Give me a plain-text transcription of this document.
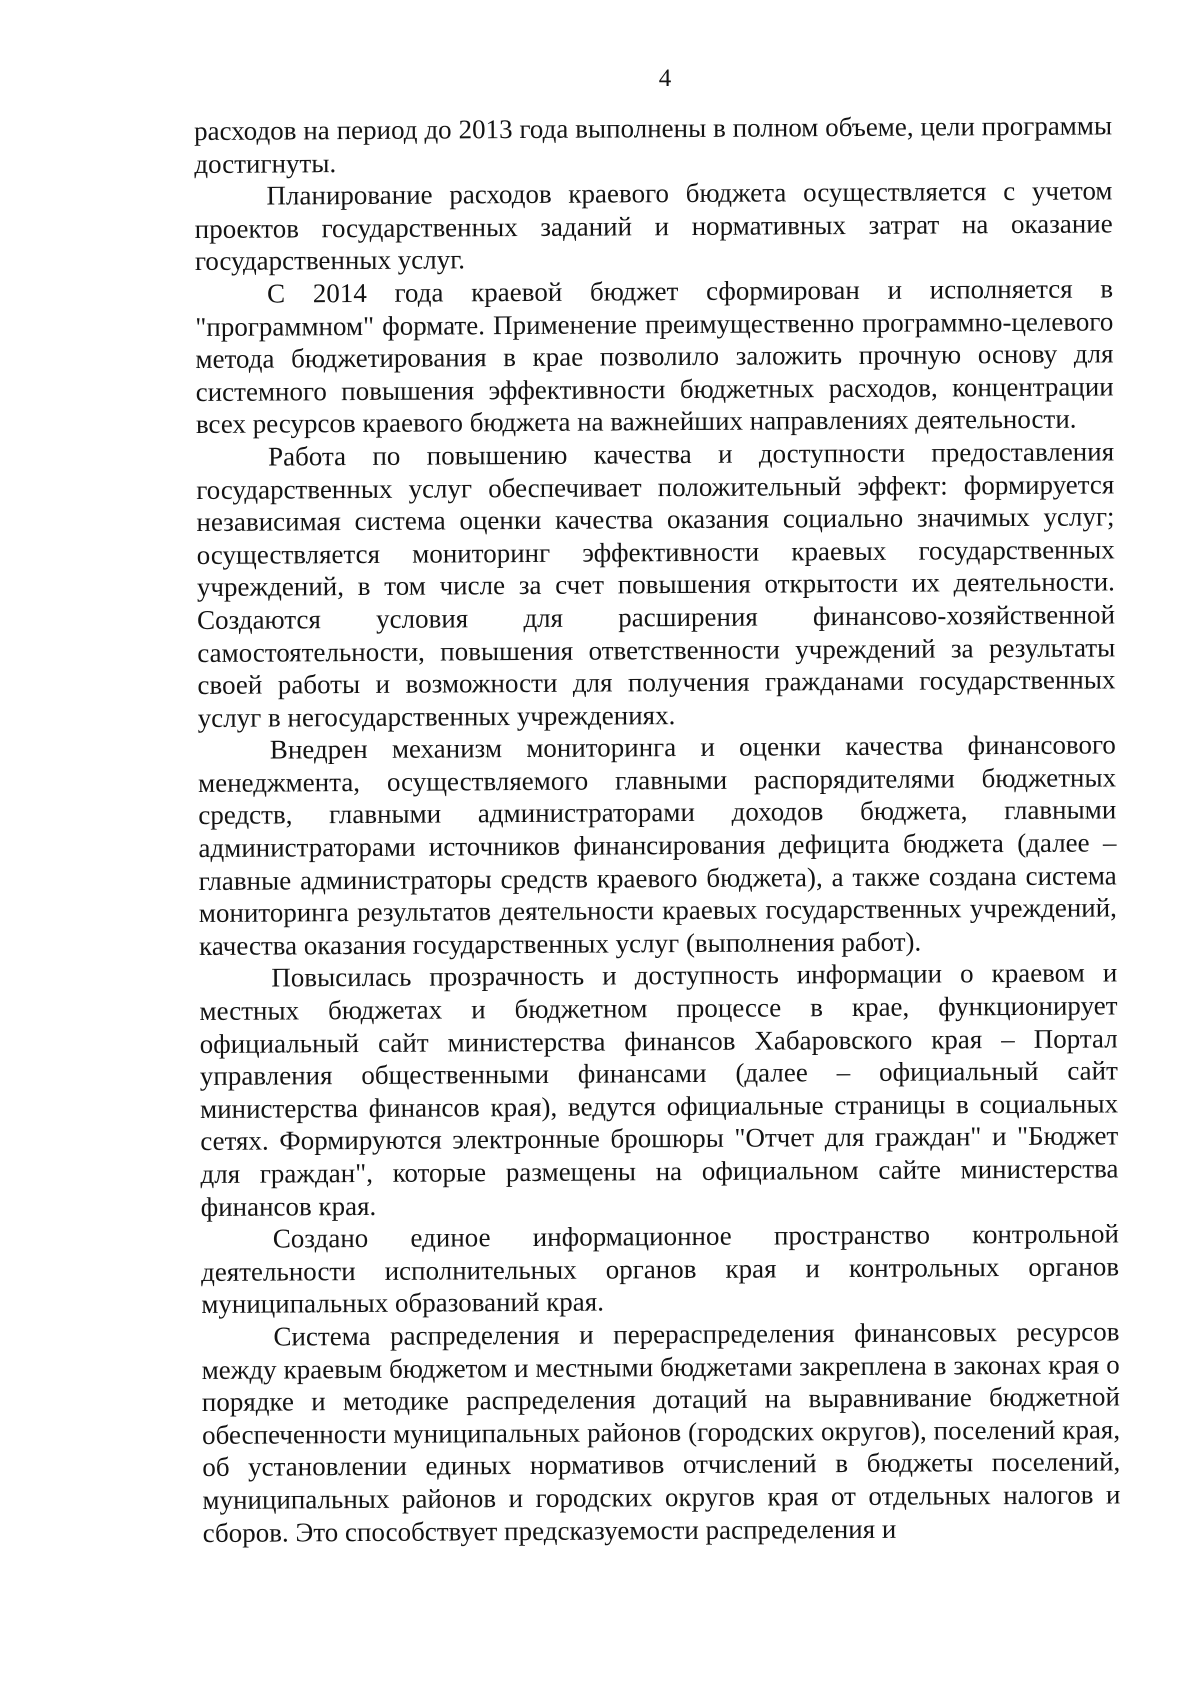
4

расходов на период до 2013 года выполнены в полном объеме, цели программы достигнуты.

Планирование расходов краевого бюджета осуществляется с учетом проектов государственных заданий и нормативных затрат на оказание государственных услуг.

С 2014 года краевой бюджет сформирован и исполняется в "программном" формате. Применение преимущественно программно-целевого метода бюджетирования в крае позволило заложить прочную основу для системного повышения эффективности бюджетных расходов, концентрации всех ресурсов краевого бюджета на важнейших направлениях деятельности.

Работа по повышению качества и доступности предоставления государственных услуг обеспечивает положительный эффект: формируется независимая система оценки качества оказания социально значимых услуг; осуществляется мониторинг эффективности краевых государственных учреждений, в том числе за счет повышения открытости их деятельности. Создаются условия для расширения финансово-хозяйственной самостоятельности, повышения ответственности учреждений за результаты своей работы и возможности для получения гражданами государственных услуг в негосударственных учреждениях.

Внедрен механизм мониторинга и оценки качества финансового менеджмента, осуществляемого главными распорядителями бюджетных средств, главными администраторами доходов бюджета, главными администраторами источников финансирования дефицита бюджета (далее – главные администраторы средств краевого бюджета), а также создана система мониторинга результатов деятельности краевых государственных учреждений, качества оказания государственных услуг (выполнения работ).

Повысилась прозрачность и доступность информации о краевом и местных бюджетах и бюджетном процессе в крае, функционирует официальный сайт министерства финансов Хабаровского края – Портал управления общественными финансами (далее – официальный сайт министерства финансов края), ведутся официальные страницы в социальных сетях. Формируются электронные брошюры "Отчет для граждан" и "Бюджет для граждан", которые размещены на официальном сайте министерства финансов края.

Создано единое информационное пространство контрольной деятельности исполнительных органов края и контрольных органов муниципальных образований края.

Система распределения и перераспределения финансовых ресурсов между краевым бюджетом и местными бюджетами закреплена в законах края о порядке и методике распределения дотаций на выравнивание бюджетной обеспеченности муниципальных районов (городских округов), поселений края, об установлении единых нормативов отчислений в бюджеты поселений, муниципальных районов и городских округов края от отдельных налогов и сборов. Это способствует предсказуемости распределения и
